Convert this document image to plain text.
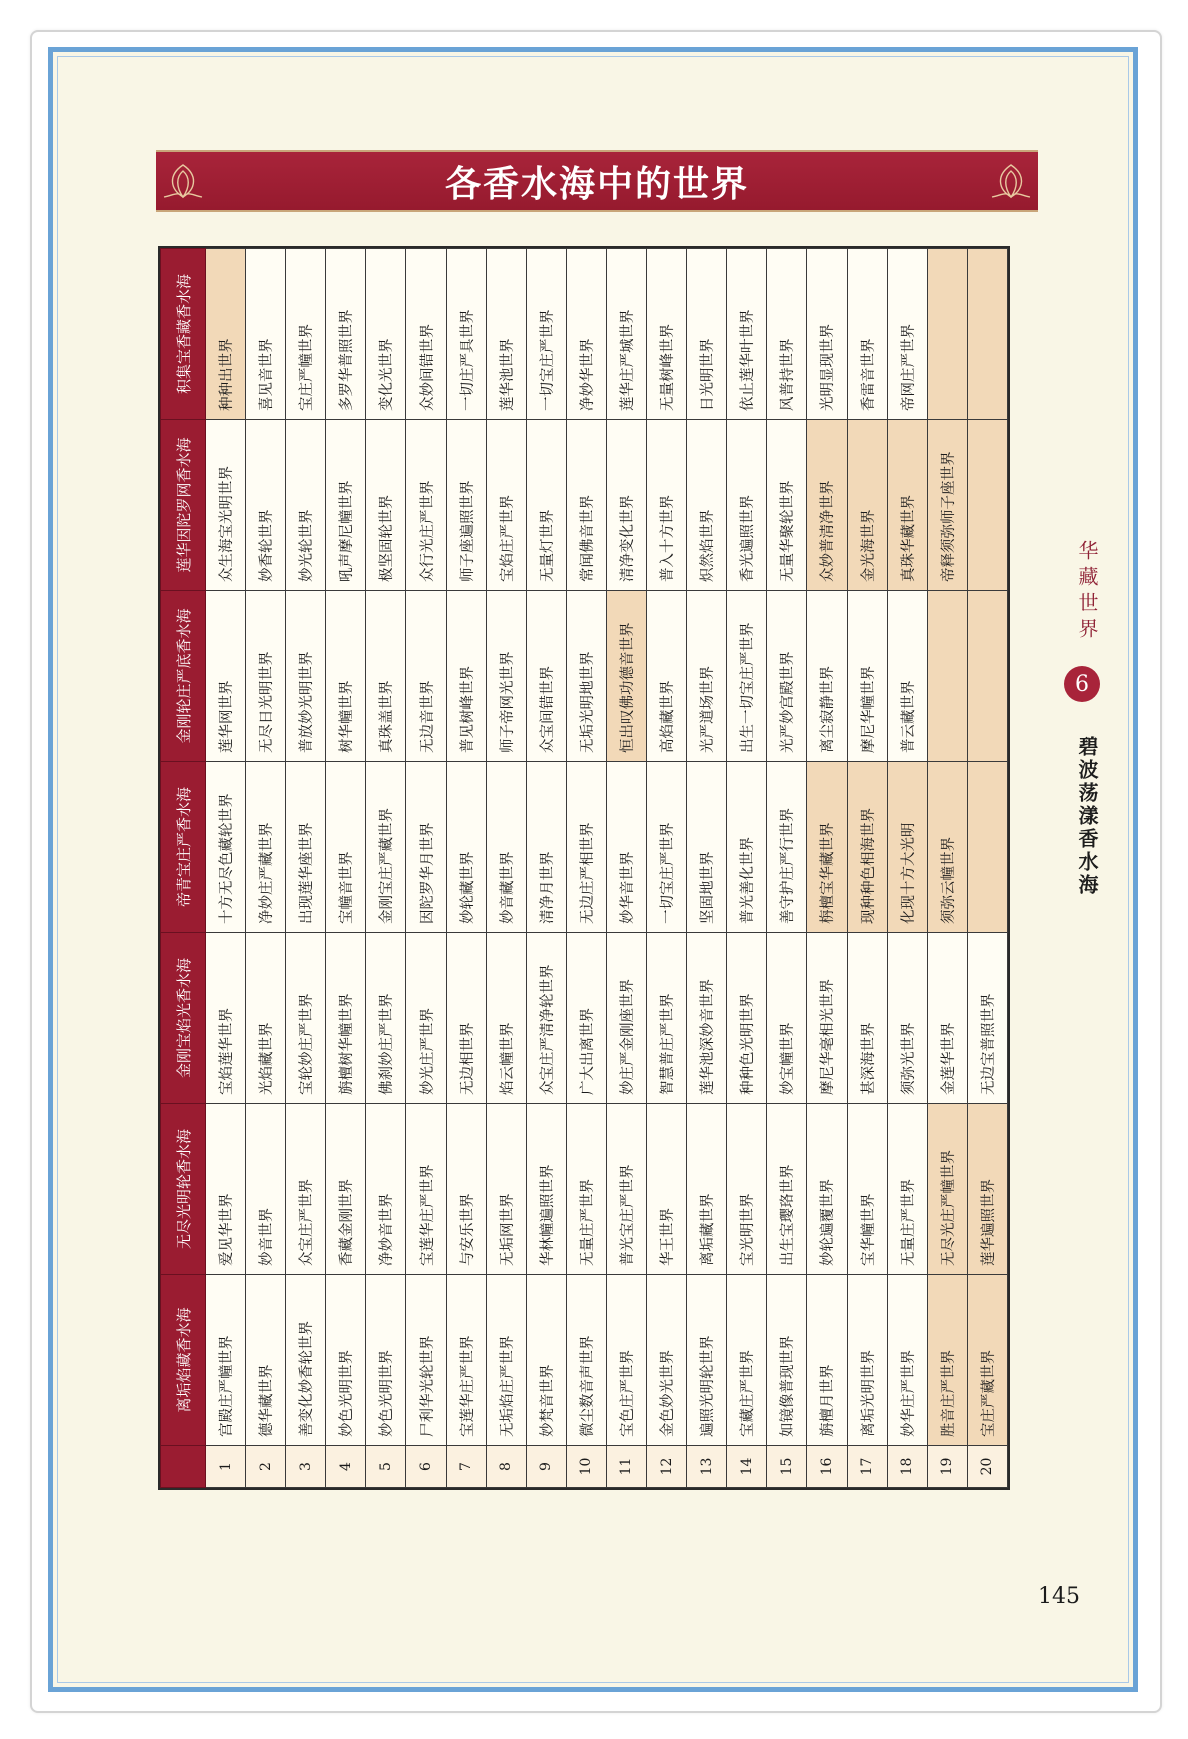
各香水海中的世界
	离垢焰藏香水海	无尽光明轮香水海	金刚宝焰光香水海	帝青宝庄严香水海	金刚轮庄严底香水海	莲华因陀罗网香水海	积集宝香藏香水海
1	宫殿庄严幢世界	爱见华世界	宝焰莲华世界	十方无尽色藏轮世界	莲华网世界	众生海宝光明世界	种种出世界
2	德华藏世界	妙音世界	光焰藏世界	净妙庄严藏世界	无尽日光明世界	妙香轮世界	喜见音世界
3	善变化妙香轮世界	众宝庄严世界	宝轮妙庄严世界	出现莲华座世界	普放妙光明世界	妙光轮世界	宝庄严幢世界
4	妙色光明世界	香藏金刚世界	旃檀树华幢世界	宝幢音世界	树华幢世界	吼声摩尼幢世界	多罗华普照世界
5	妙色光明世界	净妙音世界	佛刹妙庄严世界	金刚宝庄严藏世界	真珠盖世界	极坚固轮世界	变化光世界
6	尸利华光轮世界	宝莲华庄严世界	妙光庄严世界	因陀罗华月世界	无边音世界	众行光庄严世界	众妙间错世界
7	宝莲华庄严世界	与安乐世界	无边相世界	妙轮藏世界	普见树峰世界	师子座遍照世界	一切庄严具世界
8	无垢焰庄严世界	无垢网世界	焰云幢世界	妙音藏世界	师子帝网光世界	宝焰庄严世界	莲华池世界
9	妙梵音世界	华林幢遍照世界	众宝庄严清净轮世界	清净月世界	众宝间错世界	无量灯世界	一切宝庄严世界
10	微尘数音声世界	无量庄严世界	广大出离世界	无边庄严相世界	无垢光明地世界	常闻佛音世界	净妙华世界
11	宝色庄严世界	普光宝庄严世界	妙庄严金刚座世界	妙华音世界	恒出叹佛功德音世界	清净变化世界	莲华庄严城世界
12	金色妙光世界	华王世界	智慧普庄严世界	一切宝庄严世界	高焰藏世界	普入十方世界	无量树峰世界
13	遍照光明轮世界	离垢藏世界	莲华池深妙音世界	坚固地世界	光严道场世界	炽然焰世界	日光明世界
14	宝藏庄严世界	宝光明世界	种种色光明世界	普光善化世界	出生一切宝庄严世界	香光遍照世界	依止莲华叶世界
15	如镜像普现世界	出生宝璎珞世界	妙宝幢世界	善守护庄严行世界	光严妙宫殿世界	无量华聚轮世界	风普持世界
16	旃檀月世界	妙轮遍覆世界	摩尼华毫相光世界	栴檀宝华藏世界	离尘寂静世界	众妙普清净世界	光明显现世界
17	离垢光明世界	宝华幢世界	甚深海世界	现种种色相海世界	摩尼华幢世界	金光海世界	香雷音世界
18	妙华庄严世界	无量庄严世界	须弥光世界	化现十方大光明	普云藏世界	真珠华藏世界	帝网庄严世界
19	胜音庄严世界	无尽光庄严幢世界	金莲华世界	须弥云幢世界		帝释须弥师子座世界	
20	宝庄严藏世界	莲华遍照世界	无边宝普照世界				
华藏世界
6
碧波荡漾香水海
145
